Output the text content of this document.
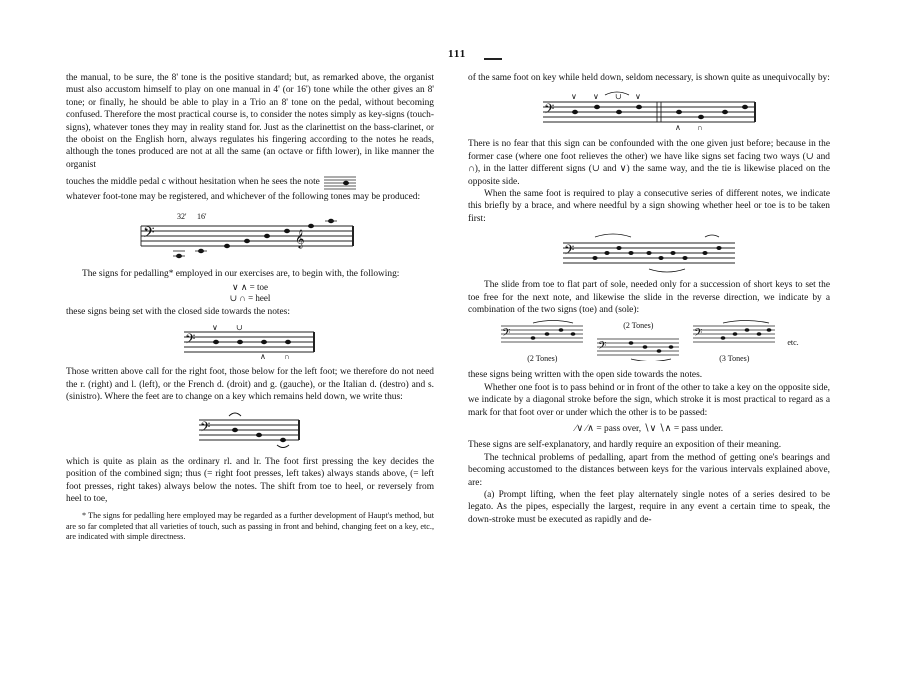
111

the manual, to be sure, the 8' tone is the positive standard; but, as remarked above, the organist must also accustom himself to play on one manual in 4' (or 16') tone while the other gives an 8' tone; or finally, he should be able to play in a Trio an 8' tone on the pedal, without becoming confused. Therefore the most practical course is, to consider the notes simply as key-signs (touch-signs), whatever tones they may in reality stand for. Just as the clarinettist on the bass-clarinet, or the oboist on the English horn, always regulates his fingering according to the notes he reads, although the tones produced are not at all the same (an octave or fifth lower), in like manner the organist

touches the middle pedal c without hesitation when he sees the note

whatever foot-tone may be registered, and whichever of the following tones may be produced:

32' 16'
𝄢	𝄞

The signs for pedalling* employed in our exercises are, to begin with, the following:

∨ ∧ = toe
∪ ∩ = heel

these signs being set with the closed side towards the notes:

𝄢
∨ ∪
∧ ∩

Those written above call for the right foot, those below for the left foot; we therefore do not need the r. (right) and l. (left), or the French d. (droit) and g. (gauche), or the Italian d. (destro) and s. (sinistro). Where the feet are to change on a key which remains held down, we write thus:

𝄢

which is quite as plain as the ordinary rl. and lr. The foot first pressing the key decides the position of the combined sign; thus (= right foot presses, left takes) always stands above, (= left foot presses, right takes) always below the notes. The shift from toe to heel, or reversely from heel to toe,

* The signs for pedalling here employed may be regarded as a further development of Haupt's method, but are so far completed that all varieties of touch, such as passing in front and behind, changing feet on a key, etc., are indicated with simple directness.

of the same foot on key while held down, seldom necessary, is shown quite as unequivocally by:

𝄢
∨ ∨ ∪ ∨
∧ ∩

There is no fear that this sign can be confounded with the one given just before; because in the former case (where one foot relieves the other) we have like signs set facing two ways (∪ and ∩), in the latter different signs (∪ and ∨) the same way, and the tie is likewise placed on the opposite side.

When the same foot is required to play a consecutive series of different notes, we indicate this briefly by a brace, and where needful by a sign showing whether heel or toe is to be taken first:

𝄢

The slide from toe to flat part of sole, needed only for a succession of short keys to set the toe free for the next note, and likewise the slide in the reverse direction, we indicate by a combination of the two signs (toe) and (sole):

𝄢
(2 Tones)
(2 Tones)
𝄢
𝄢
(3 Tones)
etc.

these signs being written with the open side towards the notes.

Whether one foot is to pass behind or in front of the other to take a key on the opposite side, we indicate by a diagonal stroke before the sign, which stroke it is most practical to regard as a mark for that foot over or under which the other is to be passed:

⁄∨ ⁄∧ = pass over, ∖∨ ∖∧ = pass under.

These signs are self-explanatory, and hardly require an exposition of their meaning.

The technical problems of pedalling, apart from the method of getting one's bearings and becoming accustomed to the distances between keys for the various intervals explained above, are:

(a) Prompt lifting, when the feet play alternately single notes of a series desired to be legato. As the pipes, especially the largest, require in any event a certain time to speak, the down-stroke must be executed as rapidly and de-
